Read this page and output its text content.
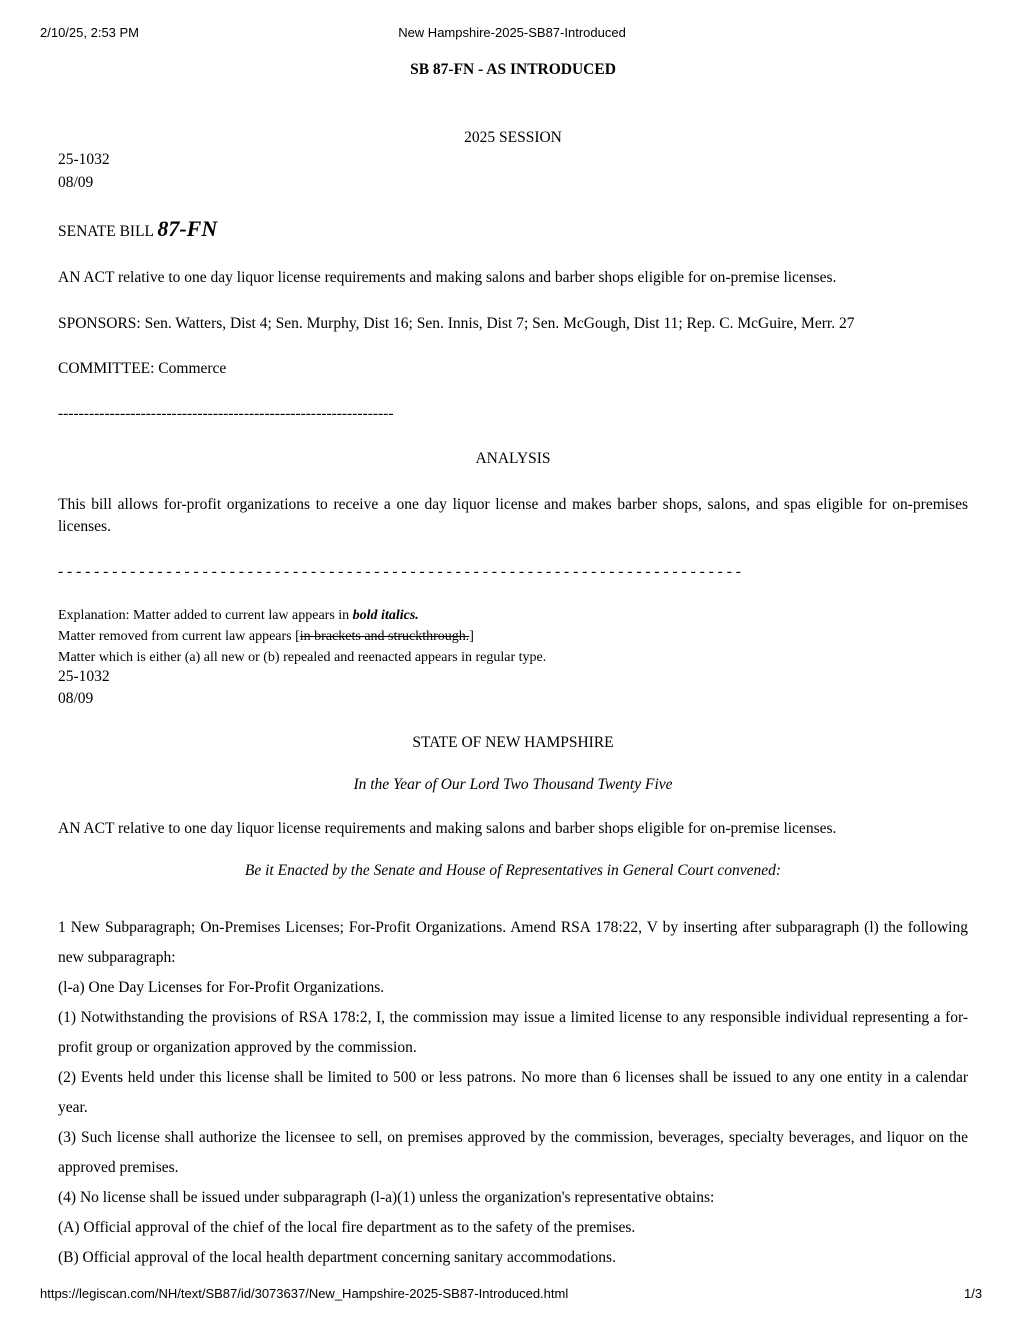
2/10/25, 2:53 PM	New Hampshire-2025-SB87-Introduced
SB 87-FN - AS INTRODUCED
2025 SESSION
25-1032
08/09
SENATE BILL 87-FN
AN ACT relative to one day liquor license requirements and making salons and barber shops eligible for on-premise licenses.
SPONSORS: Sen. Watters, Dist 4; Sen. Murphy, Dist 16; Sen. Innis, Dist 7; Sen. McGough, Dist 11; Rep. C. McGuire, Merr. 27
COMMITTEE: Commerce
-----------------------------------------------------------------
ANALYSIS
This bill allows for-profit organizations to receive a one day liquor license and makes barber shops, salons, and spas eligible for on-premises licenses.
- - - - - - - - - - - - - - - - - - - - - - - - - - - - - - - - - - - - - - - - - - - - - - - - - - - - - - - - - - - - - - - - - - - - - - - - - - - -
Explanation: Matter added to current law appears in bold italics.
Matter removed from current law appears [in brackets and struckthrough.]
Matter which is either (a) all new or (b) repealed and reenacted appears in regular type.
25-1032
08/09
STATE OF NEW HAMPSHIRE
In the Year of Our Lord Two Thousand Twenty Five
AN ACT relative to one day liquor license requirements and making salons and barber shops eligible for on-premise licenses.
Be it Enacted by the Senate and House of Representatives in General Court convened:

1 New Subparagraph; On-Premises Licenses; For-Profit Organizations. Amend RSA 178:22, V by inserting after subparagraph (l) the following new subparagraph:

(l-a) One Day Licenses for For-Profit Organizations.

(1) Notwithstanding the provisions of RSA 178:2, I, the commission may issue a limited license to any responsible individual representing a for-profit group or organization approved by the commission.

(2) Events held under this license shall be limited to 500 or less patrons. No more than 6 licenses shall be issued to any one entity in a calendar year.

(3) Such license shall authorize the licensee to sell, on premises approved by the commission, beverages, specialty beverages, and liquor on the approved premises.

(4) No license shall be issued under subparagraph (l-a)(1) unless the organization's representative obtains:

(A) Official approval of the chief of the local fire department as to the safety of the premises.

(B) Official approval of the local health department concerning sanitary accommodations.

https://legiscan.com/NH/text/SB87/id/3073637/New_Hampshire-2025-SB87-Introduced.html	1/3
